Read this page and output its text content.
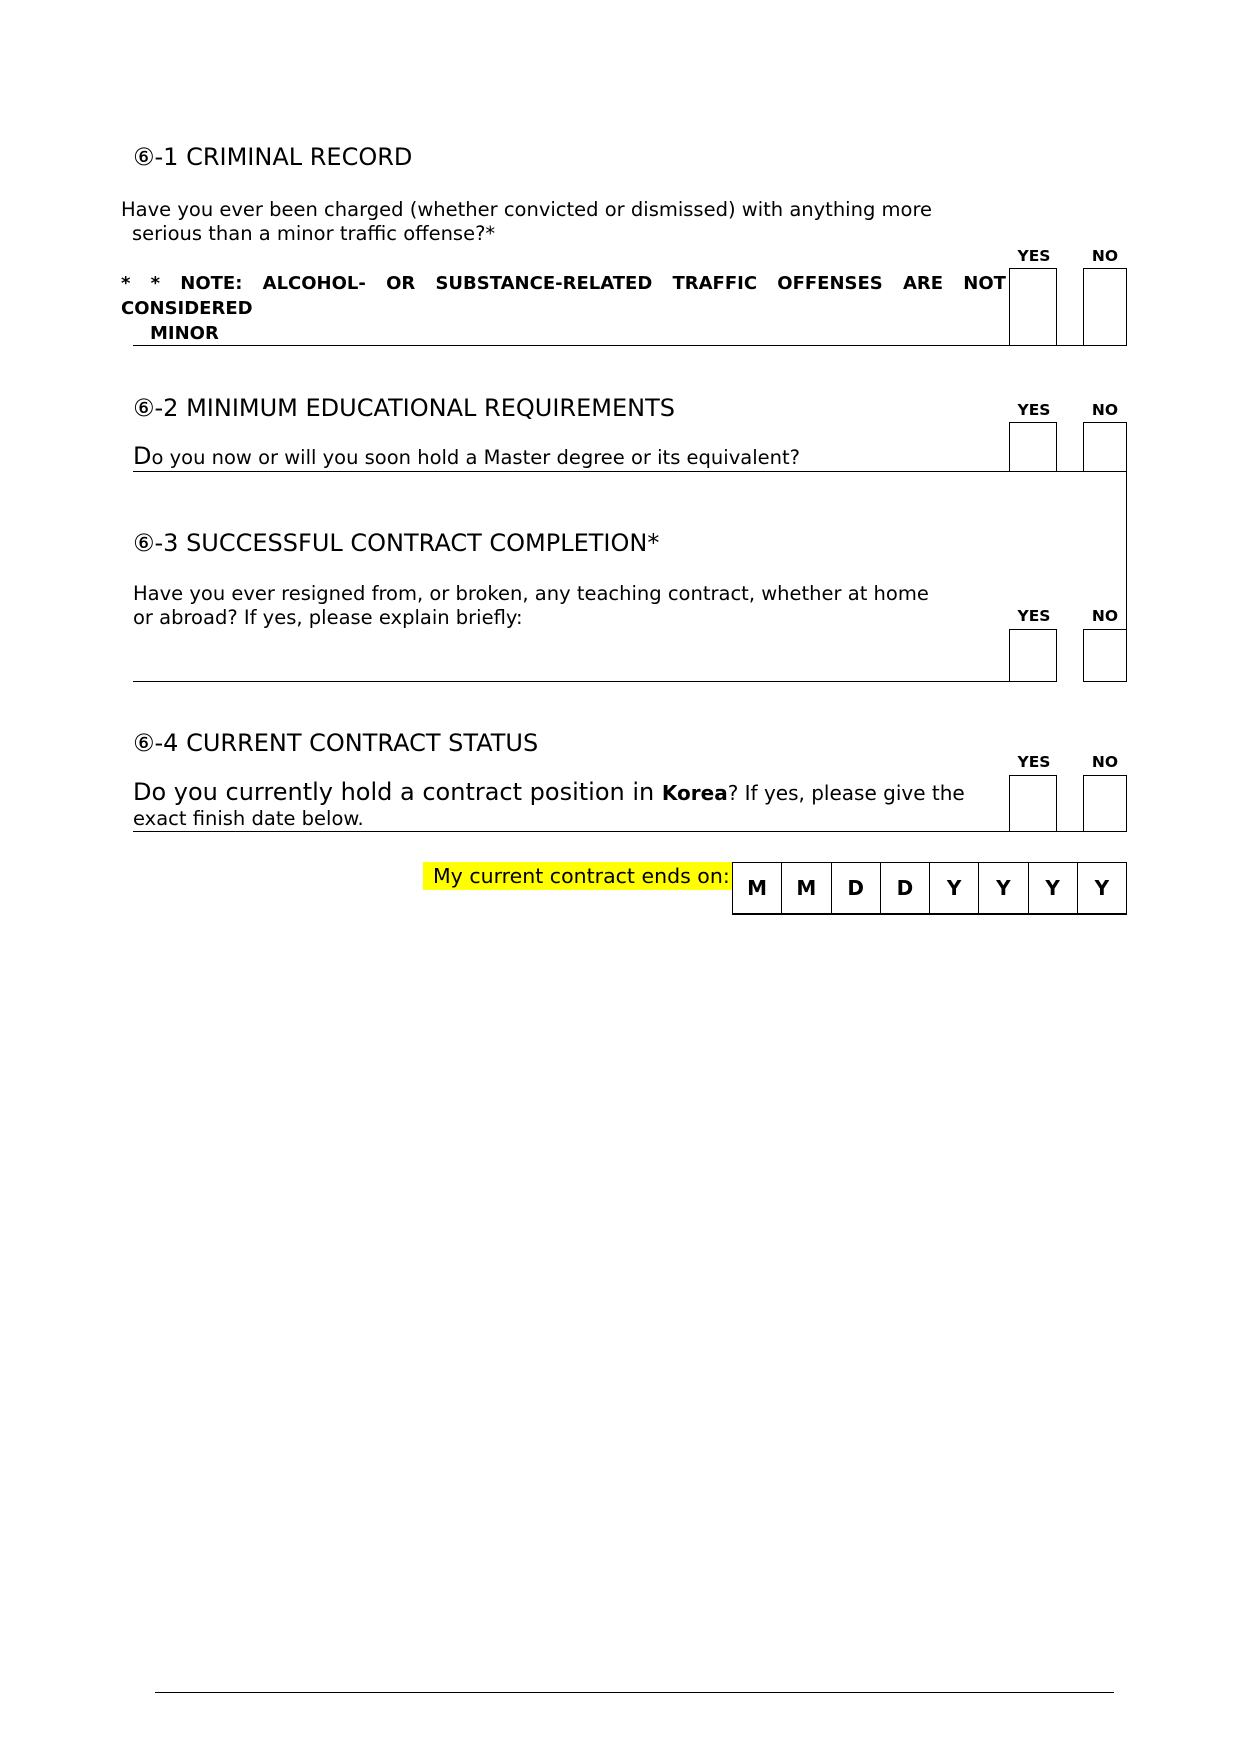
⑥-1 CRIMINAL RECORD
Have you ever been charged (whether convicted or dismissed) with anything more
serious than a minor traffic offense?*
* * NOTE: ALCOHOL- OR SUBSTANCE-RELATED TRAFFIC OFFENSES ARE NOT
CONSIDERED
MINOR
YES	NO
⑥-2 MINIMUM EDUCATIONAL REQUIREMENTS	YES	NO
Do you now or will you soon hold a Master degree or its equivalent?
⑥-3 SUCCESSFUL CONTRACT COMPLETION*
Have you ever resigned from, or broken, any teaching contract, whether at home
or abroad? If yes, please explain briefly:	YES	NO
⑥-4 CURRENT CONTRACT STATUS
YES	NO
Do you currently hold a contract position in Korea? If yes, please give the
exact finish date below.
My current contract ends on: M	M	D	D	Y	Y	Y	Y
